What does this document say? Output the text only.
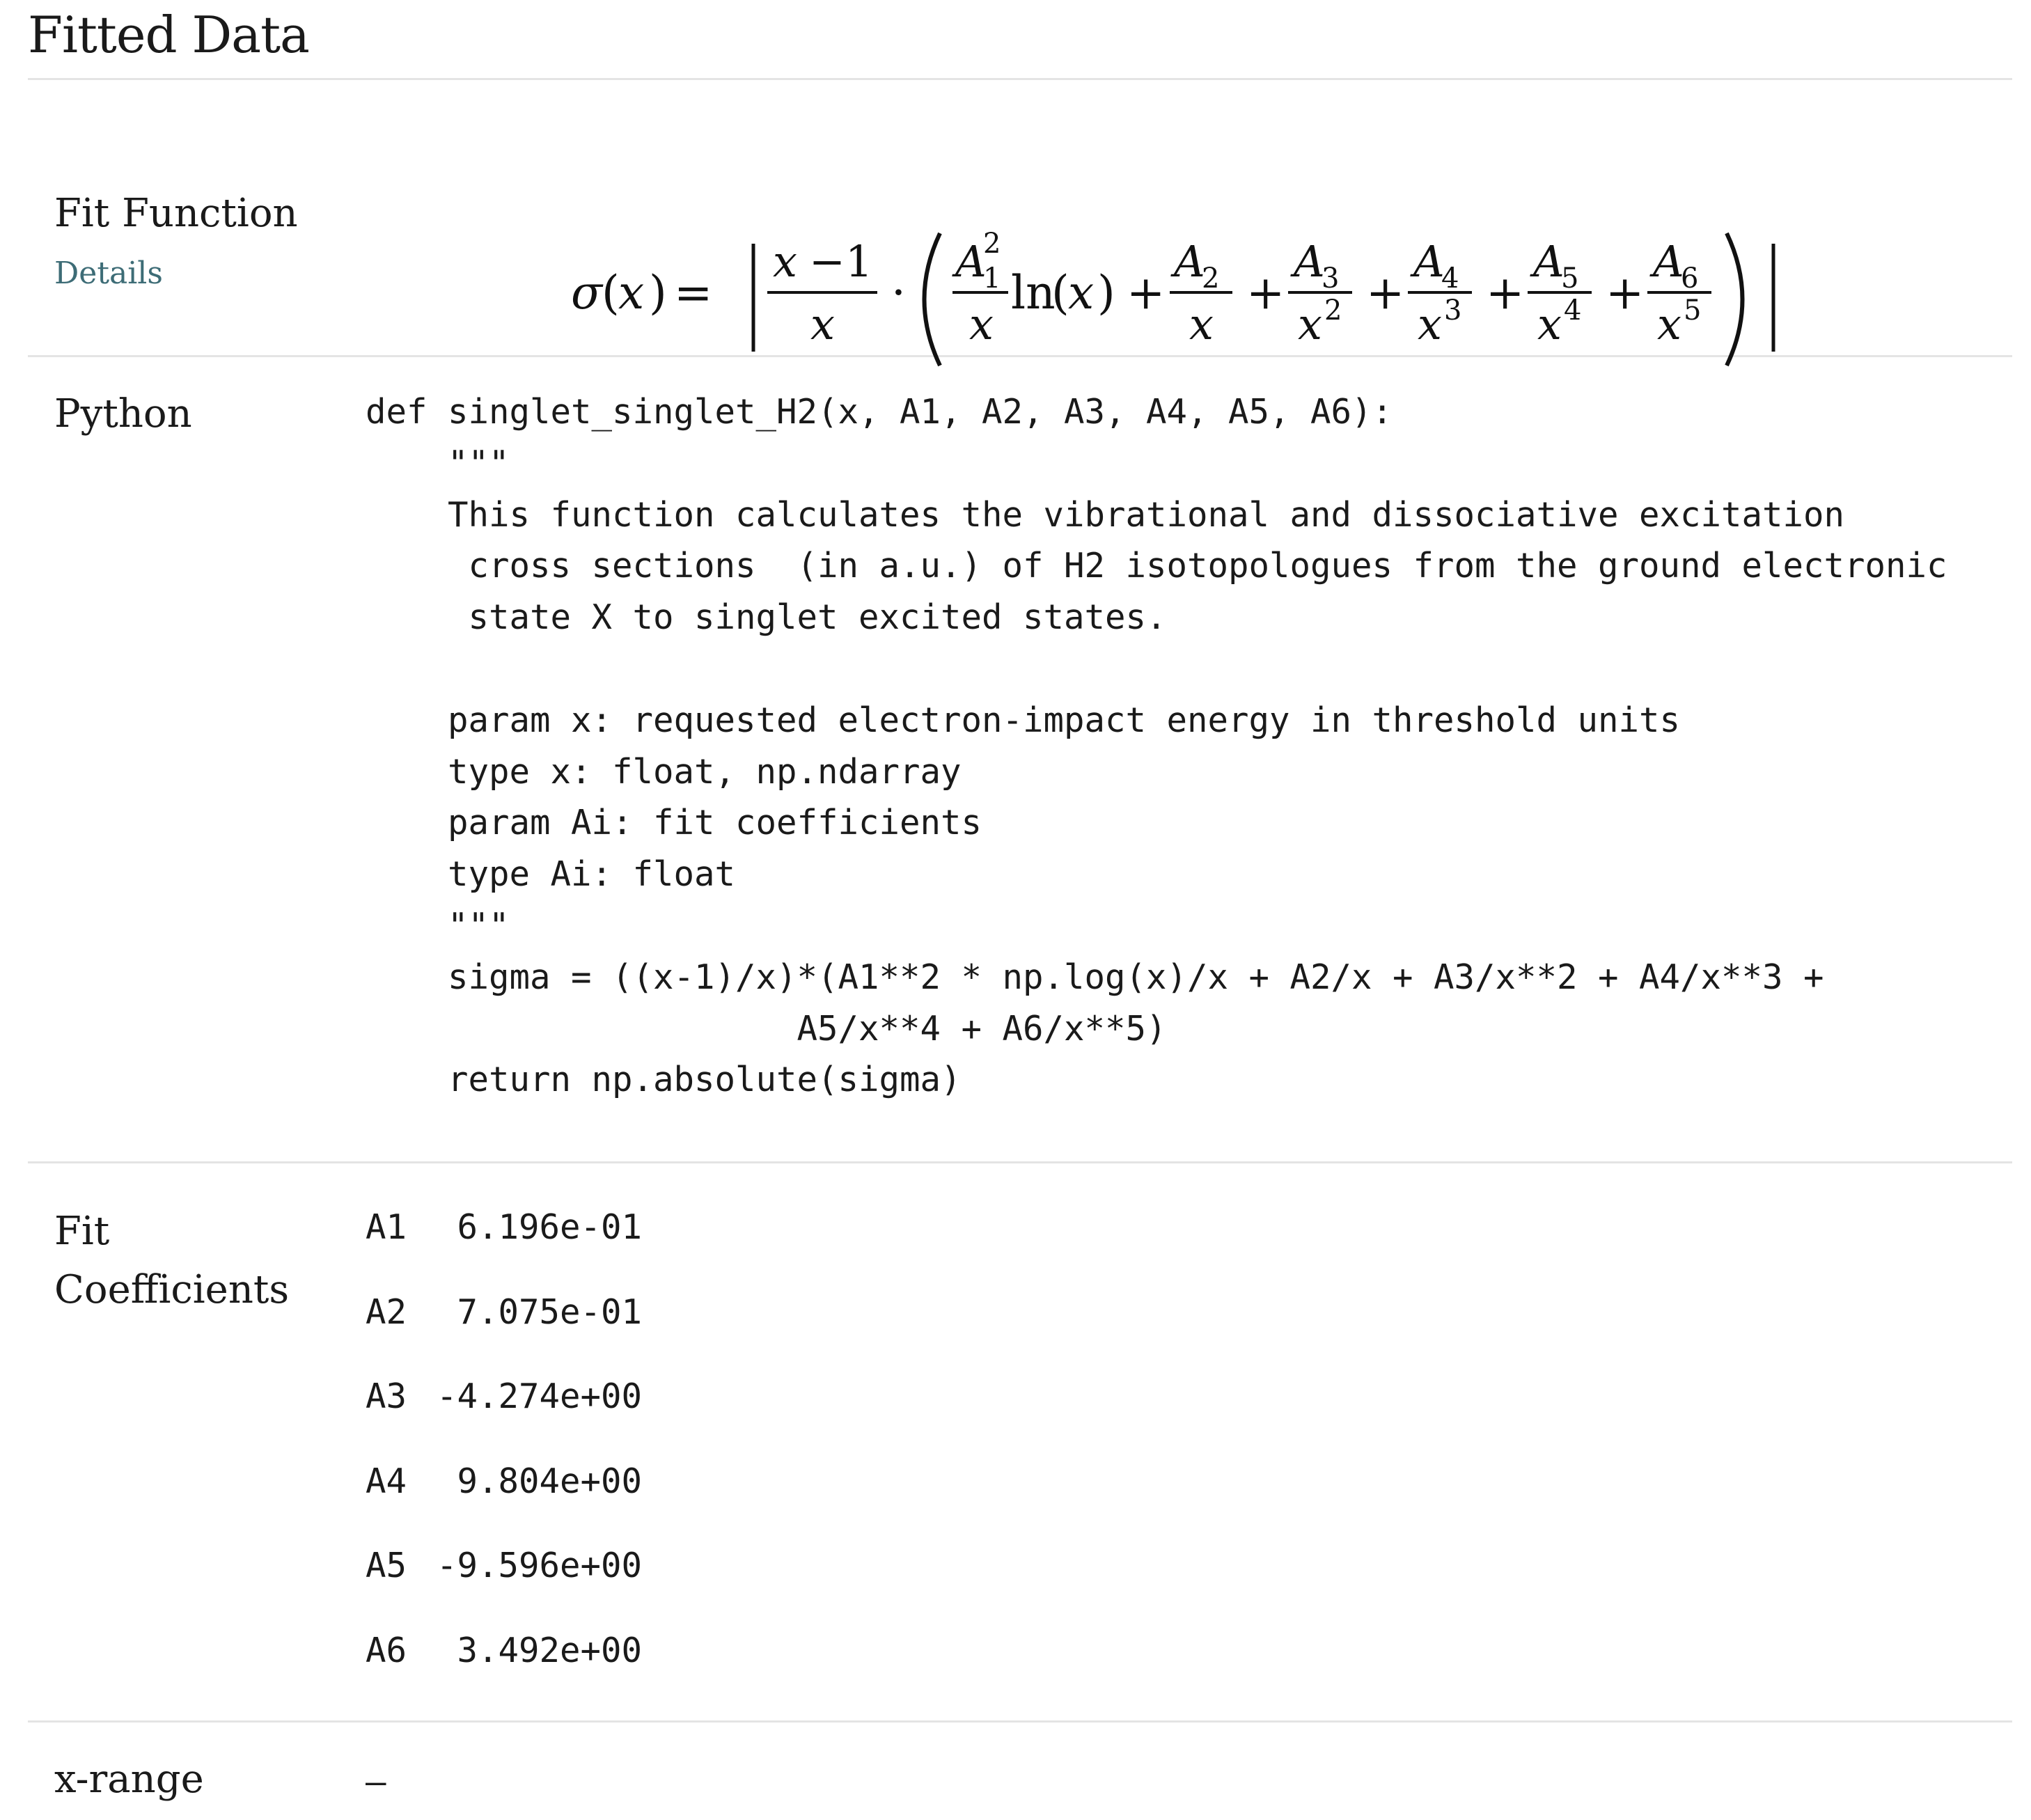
Fitted Data
Fit Function
Details	σ
(
x ) =
x − 1
x
·
A
2
1
x
ln
(
x ) +
A
2
x
+
A
3
x 2 +
A
4
x 3 +
A
5
x 4 +
A
6
x 5
Python	def singlet_singlet_H2(x, A1, A2, A3, A4, A5, A6):
"""
This function calculates the vibrational and dissociative excitation
cross sections  (in a.u.) of H2 isotopologues from the ground electronic
state X to singlet excited states.

param x: requested electron-impact energy in threshold units
type x: float, np.ndarray
param Ai: fit coefficients
type Ai: float
"""
sigma = ((x-1)/x)*(A1**2 * np.log(x)/x + A2/x + A3/x**2 + A4/x**3 +
A5/x**4 + A6/x**5)
return np.absolute(sigma)
Fit
Coefficients
A1 6.196e-01
A2 7.075e-01
A3 -4.274e+00
A4 9.804e+00
A5 -9.596e+00
A6 3.492e+00
x-range	–
